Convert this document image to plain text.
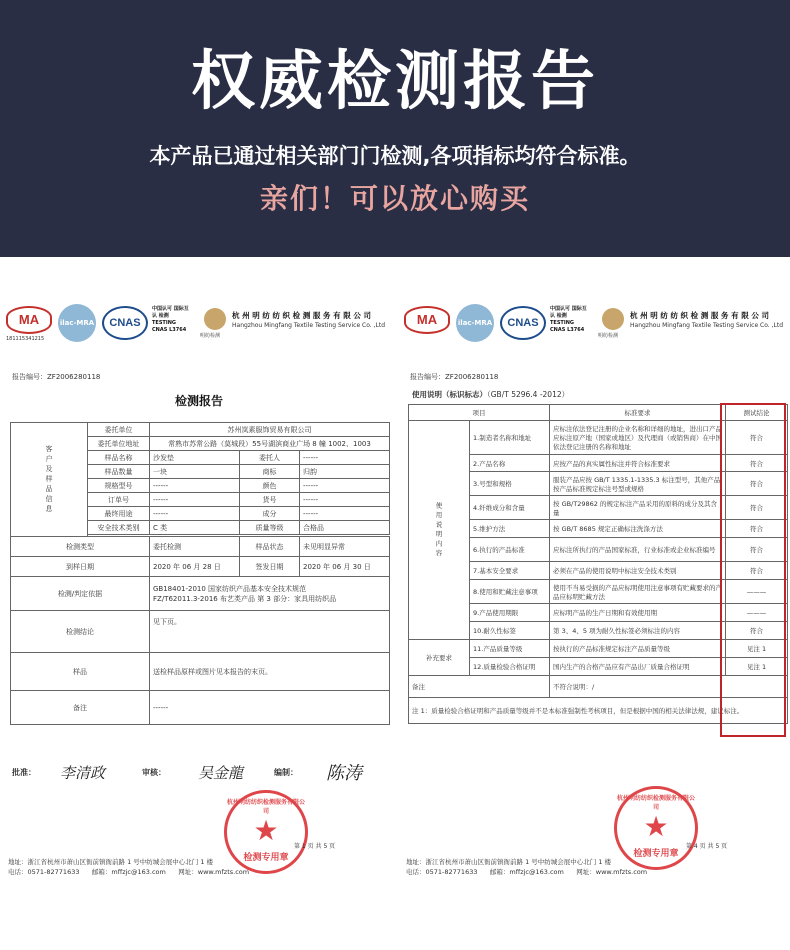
权威检测报告
本产品已通过相关部门门检测,各项指标均符合标准。
亲们！可以放心购买
MA
181115341215
ilac-MRA	CNAS
中国认可 国际互认 检测 TESTING CNAS L3764
明纺检测
杭 州 明 纺 纺 织 检 测 服 务 有 限 公 司
Hangzhou Mingfang Textile Testing Service Co. ,Ltd
报告编号：ZF2006280118
检测报告
客户及样品信息	委托单位	苏州岚素服饰贸易有限公司		
	委托单位地址	常熟市苏常公路（莫城段）55号湖滨商业广场 8 幢 1002、1003		
	样品名称	沙发垫	委托人	------
	样品数量	一块	商标	归韵
	规格型号	------	颜色	------
	订单号	------	货号	------
	最终用途	------	成分	------
	安全技术类别	C 类	质量等级	合格品

检测类型		委托检测	样品状态	未见明显异常
到样日期		2020 年 06 月 28 日	签发日期	2020 年 06 月 30 日
检测/判定依据		GB18401-2010 国家纺织产品基本安全技术规范
FZ/T62011.3-2016 布艺类产品 第 3 部分：家具用纺织品		

检测结论		见下页。		
样品		送检样品原样或图片见本报告的末页。		
备注		------		
批准： 李清政	审核： 吴金龍	编制： 陈涛
杭州明纺纺织检测服务有限公司
★
检测专用章
第 1 页 共 5 页
地址：浙江省杭州市萧山区衙前镇衙前路 1 号中纺城会展中心北门 1 楼
电话：0571-82771633 邮箱：mffzjc@163.com 网址：www.mfzts.com
MA	ilac-MRA	CNAS
中国认可 国际互认 检测 TESTING CNAS L3764
明纺检测
杭 州 明 纺 纺 织 检 测 服 务 有 限 公 司
Hangzhou Mingfang Textile Testing Service Co. ,Ltd
报告编号：ZF2006280118
使用说明（标识标志）（GB/T 5296.4 -2012）
项目		标准要求	测试结论
使用说明内容	1.制造者名称和地址	应标注依法登记注册的企业名称和详细的地址，进出口产品应标注原产地（国家或地区）及代理商（或销售商）在中国依法登记注册的名称和地址	符合
	2.产品名称	应按产品的真实属性标注并符合标准要求	符合
	3.号型和规格	服装产品应按 GB/T 1335.1-1335.3 标注型号，其他产品按产品标准规定标注号型或规格	符合
	4.纤维成分和含量	按 GB/T29862 的规定标注产品采用的原料的成分及其含量	符合
	5.维护方法	按 GB/T 8685 规定正确标注洗涤方法	符合
	6.执行的产品标准	应标注所执行的产品国家标准，行业标准或企业标准编号	符合
	7.基本安全要求	必须在产品的使用说明中标注安全技术类别	符合
	8.使用和贮藏注意事项	使用不当易受损的产品应标明使用注意事项有贮藏要求的产品应标明贮藏方法	———
	9.产品使用期限	应标明产品的生产日期和有效使用期	———
	10.耐久性标签	第 3、4、5 项为耐久性标签必须标注的内容	符合
补充要求	11.产品质量等级	按执行的产品标准规定标注产品质量等级	见注 1
	12.质量检验合格证明	国内生产的合格产品应有产品出厂质量合格证明	见注 1
备注		不符合说明：/	
注 1：质量检验合格证明和产品质量等级并不是本标准强制性考核项目，但是根据中国的相关法律法规，建议标注。			
杭州明纺纺织检测服务有限公司
★
检测专用章
第 4 页 共 5 页
地址：浙江省杭州市萧山区衙前镇衙前路 1 号中纺城会展中心北门 1 楼
电话：0571-82771633 邮箱：mffzjc@163.com 网址：www.mfzts.com
